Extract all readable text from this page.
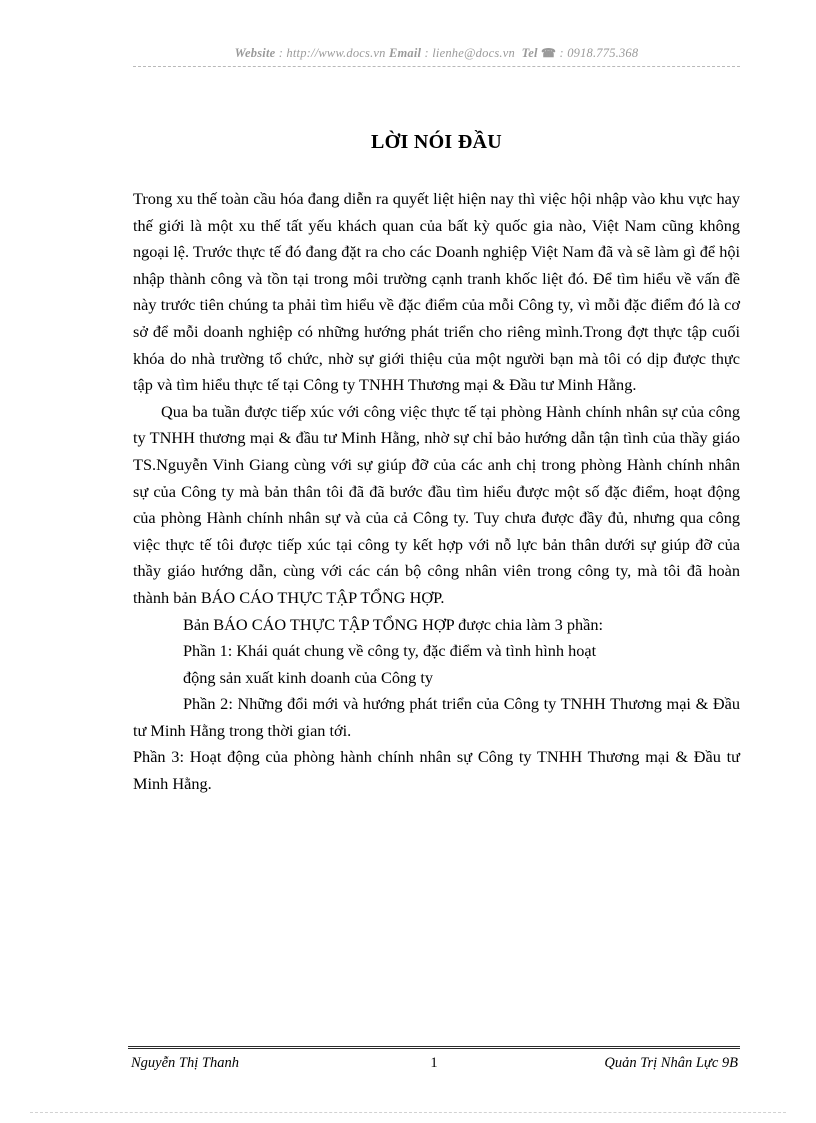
Website : http://www.docs.vn Email : lienhe@docs.vn Tel ☎ : 0918.775.368
LỜI NÓI ĐẦU

Trong xu thế toàn cầu hóa đang diễn ra quyết liệt hiện nay thì việc hội nhập vào khu vực hay thế giới là một xu thế tất yếu khách quan của bất kỳ quốc gia nào, Việt Nam cũng không ngoại lệ. Trước thực tế đó đang đặt ra cho các Doanh nghiệp Việt Nam đã và sẽ làm gì để hội nhập thành công và tồn tại trong môi trường cạnh tranh khốc liệt đó. Để tìm hiểu về vấn đề này trước tiên chúng ta phải tìm hiểu về đặc điểm của mỗi Công ty, vì mỗi đặc điểm đó là cơ sở để mỗi doanh nghiệp có những hướng phát triển cho riêng mình.Trong đợt thực tập cuối khóa do nhà trường tổ chức, nhờ sự giới thiệu của một người bạn mà tôi có dịp được thực tập và tìm hiểu thực tế tại Công ty TNHH Thương mại & Đầu tư Minh Hằng.

Qua ba tuần được tiếp xúc với công việc thực tế tại phòng Hành chính nhân sự của công ty TNHH thương mại & đầu tư Minh Hằng, nhờ sự chỉ bảo hướng dẫn tận tình của thầy giáo TS.Nguyễn Vinh Giang cùng với sự giúp đỡ của các anh chị trong phòng Hành chính nhân sự của Công ty mà bản thân tôi đã đã bước đầu tìm hiểu được một số đặc điểm, hoạt động của phòng Hành chính nhân sự và của cả Công ty. Tuy chưa được đầy đủ, nhưng qua công việc thực tế tôi được tiếp xúc tại công ty kết hợp với nỗ lực bản thân dưới sự giúp đỡ của thầy giáo hướng dẫn, cùng với các cán bộ công nhân viên trong công ty, mà tôi đã hoàn thành bản BÁO CÁO THỰC TẬP TỔNG HỢP.

Bản BÁO CÁO THỰC TẬP TỔNG HỢP được chia làm 3 phần:

Phần 1: Khái quát chung về công ty, đặc điểm và tình hình hoạt

động sản xuất kinh doanh của Công ty

Phần 2: Những đổi mới và hướng phát triển của Công ty TNHH Thương mại & Đầu tư Minh Hằng trong thời gian tới.

Phần 3: Hoạt động của phòng hành chính nhân sự Công ty TNHH Thương mại & Đầu tư Minh Hằng.

Nguyễn Thị Thanh	1	Quản Trị Nhân Lực 9B
